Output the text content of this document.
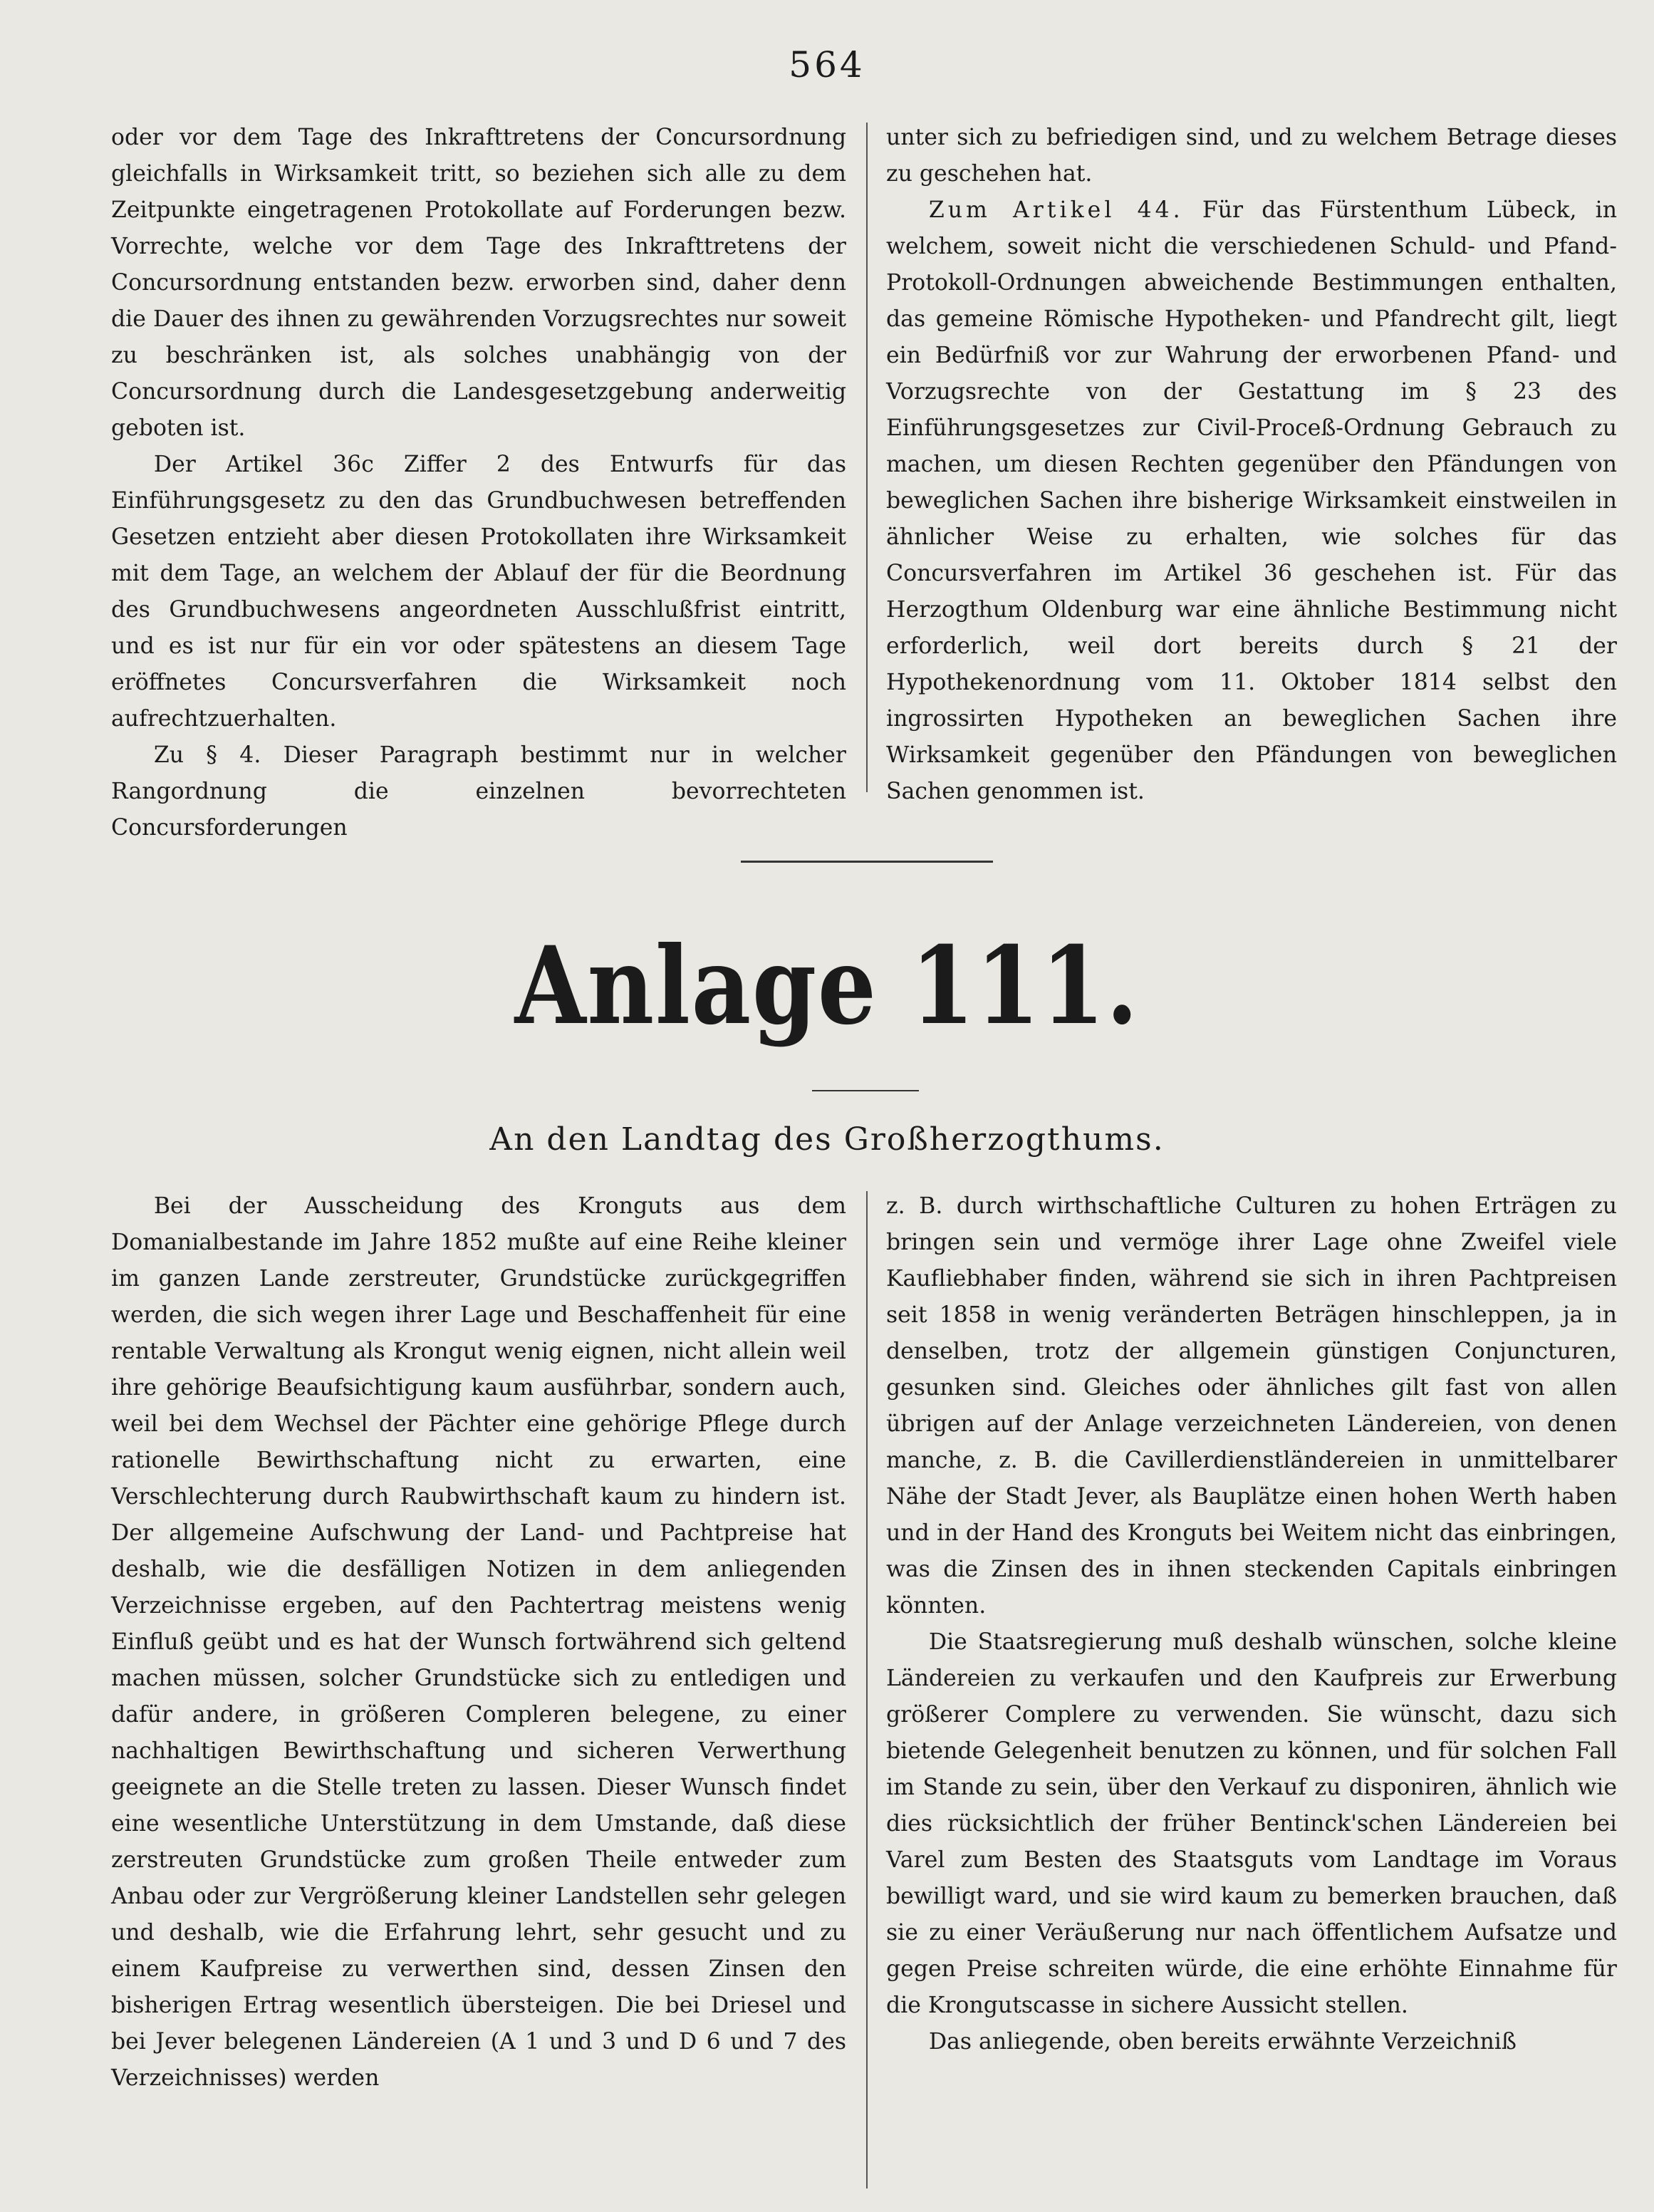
564

oder vor dem Tage des Inkrafttretens der Concursordnung gleichfalls in Wirksamkeit tritt, so beziehen sich alle zu dem Zeitpunkte eingetragenen Protokollate auf Forderungen bezw. Vorrechte, welche vor dem Tage des Inkrafttretens der Concursordnung entstanden bezw. erworben sind, daher denn die Dauer des ihnen zu gewährenden Vorzugsrechtes nur soweit zu beschränken ist, als solches unabhängig von der Concursordnung durch die Landesgesetzgebung anderweitig geboten ist.

Der Artikel 36c Ziffer 2 des Entwurfs für das Einführungsgesetz zu den das Grundbuchwesen betreffenden Gesetzen entzieht aber diesen Protokollaten ihre Wirksamkeit mit dem Tage, an welchem der Ablauf der für die Beordnung des Grundbuchwesens angeordneten Ausschlußfrist eintritt, und es ist nur für ein vor oder spätestens an diesem Tage eröffnetes Concursverfahren die Wirksamkeit noch aufrechtzuerhalten.

Zu § 4. Dieser Paragraph bestimmt nur in welcher Rangordnung die einzelnen bevorrechteten Concursforderungen

unter sich zu befriedigen sind, und zu welchem Betrage dieses zu geschehen hat.

Zum Artikel 44. Für das Fürstenthum Lübeck, in welchem, soweit nicht die verschiedenen Schuld- und Pfand-Protokoll-Ordnungen abweichende Bestimmungen enthalten, das gemeine Römische Hypotheken- und Pfandrecht gilt, liegt ein Bedürfniß vor zur Wahrung der erworbenen Pfand- und Vorzugsrechte von der Gestattung im § 23 des Einführungsgesetzes zur Civil-Proceß-Ordnung Gebrauch zu machen, um diesen Rechten gegenüber den Pfändungen von beweglichen Sachen ihre bisherige Wirksamkeit einstweilen in ähnlicher Weise zu erhalten, wie solches für das Concursverfahren im Artikel 36 geschehen ist. Für das Herzogthum Oldenburg war eine ähnliche Bestimmung nicht erforderlich, weil dort bereits durch § 21 der Hypothekenordnung vom 11. Oktober 1814 selbst den ingrossirten Hypotheken an beweglichen Sachen ihre Wirksamkeit gegenüber den Pfändungen von beweglichen Sachen genommen ist.

Anlage 111.
An den Landtag des Großherzogthums.

Bei der Ausscheidung des Kronguts aus dem Domanialbestande im Jahre 1852 mußte auf eine Reihe kleiner im ganzen Lande zerstreuter, Grundstücke zurückgegriffen werden, die sich wegen ihrer Lage und Beschaffenheit für eine rentable Verwaltung als Krongut wenig eignen, nicht allein weil ihre gehörige Beaufsichtigung kaum ausführbar, sondern auch, weil bei dem Wechsel der Pächter eine gehörige Pflege durch rationelle Bewirthschaftung nicht zu erwarten, eine Verschlechterung durch Raubwirthschaft kaum zu hindern ist. Der allgemeine Aufschwung der Land- und Pachtpreise hat deshalb, wie die desfälligen Notizen in dem anliegenden Verzeichnisse ergeben, auf den Pachtertrag meistens wenig Einfluß geübt und es hat der Wunsch fortwährend sich geltend machen müssen, solcher Grundstücke sich zu entledigen und dafür andere, in größeren Compleren belegene, zu einer nachhaltigen Bewirthschaftung und sicheren Verwerthung geeignete an die Stelle treten zu lassen. Dieser Wunsch findet eine wesentliche Unterstützung in dem Umstande, daß diese zerstreuten Grundstücke zum großen Theile entweder zum Anbau oder zur Vergrößerung kleiner Landstellen sehr gelegen und deshalb, wie die Erfahrung lehrt, sehr gesucht und zu einem Kaufpreise zu verwerthen sind, dessen Zinsen den bisherigen Ertrag wesentlich übersteigen. Die bei Driesel und bei Jever belegenen Ländereien (A 1 und 3 und D 6 und 7 des Verzeichnisses) werden

z. B. durch wirthschaftliche Culturen zu hohen Erträgen zu bringen sein und vermöge ihrer Lage ohne Zweifel viele Kaufliebhaber finden, während sie sich in ihren Pachtpreisen seit 1858 in wenig veränderten Beträgen hinschleppen, ja in denselben, trotz der allgemein günstigen Conjuncturen, gesunken sind. Gleiches oder ähnliches gilt fast von allen übrigen auf der Anlage verzeichneten Ländereien, von denen manche, z. B. die Cavillerdienstländereien in unmittelbarer Nähe der Stadt Jever, als Bauplätze einen hohen Werth haben und in der Hand des Kronguts bei Weitem nicht das einbringen, was die Zinsen des in ihnen steckenden Capitals einbringen könnten.

Die Staatsregierung muß deshalb wünschen, solche kleine Ländereien zu verkaufen und den Kaufpreis zur Erwerbung größerer Complere zu verwenden. Sie wünscht, dazu sich bietende Gelegenheit benutzen zu können, und für solchen Fall im Stande zu sein, über den Verkauf zu disponiren, ähnlich wie dies rücksichtlich der früher Bentinck'schen Ländereien bei Varel zum Besten des Staatsguts vom Landtage im Voraus bewilligt ward, und sie wird kaum zu bemerken brauchen, daß sie zu einer Veräußerung nur nach öffentlichem Aufsatze und gegen Preise schreiten würde, die eine erhöhte Einnahme für die Krongutscasse in sichere Aussicht stellen.

Das anliegende, oben bereits erwähnte Verzeichniß
